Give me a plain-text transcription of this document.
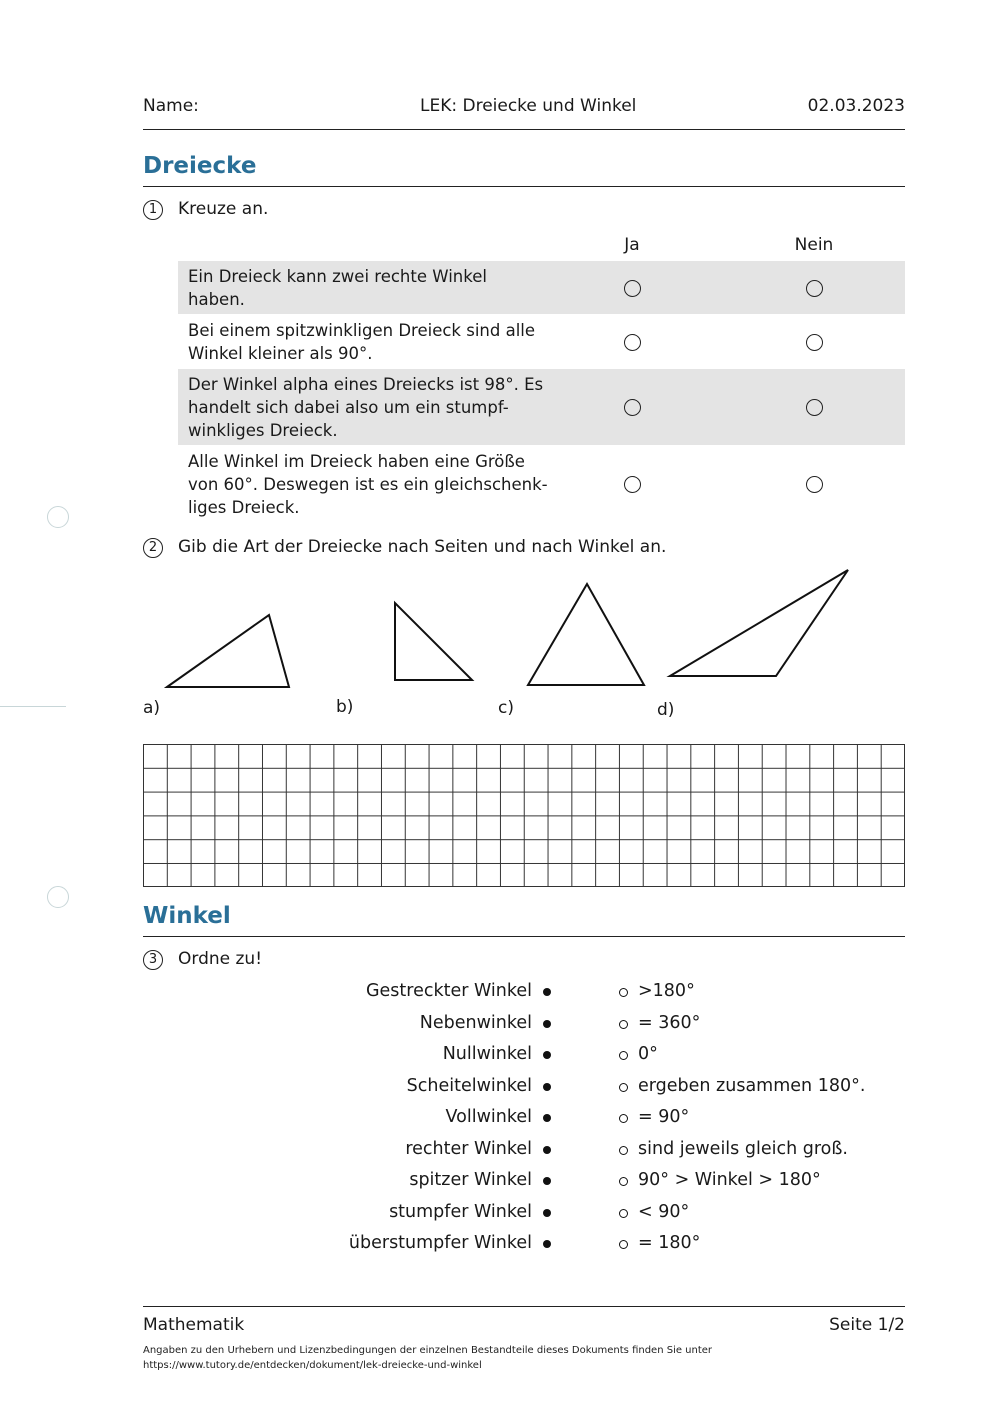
Name:	LEK: Dreiecke und Winkel	02.03.2023
Dreiecke
1	Kreuze an.
Ja	Nein
Ein Dreieck kann zwei rechte Winkel
haben.
Bei einem spitzwinkligen Dreieck sind alle
Winkel kleiner als 90°.
Der Winkel alpha eines Dreiecks ist 98°. Es
handelt sich dabei also um ein stumpf-
winkliges Dreieck.
Alle Winkel im Dreieck haben eine Größe
von 60°. Deswegen ist es ein gleichschenk-
liges Dreieck.
2	Gib die Art der Dreiecke nach Seiten und nach Winkel an.
a)	b)	c)	d)
Winkel
3	Ordne zu!
Gestreckter Winkel	>180°
Nebenwinkel	= 360°
Nullwinkel	0°
Scheitelwinkel	ergeben zusammen 180°.
Vollwinkel	= 90°
rechter Winkel	sind jeweils gleich groß.
spitzer Winkel	90° > Winkel > 180°
stumpfer Winkel	< 90°
überstumpfer Winkel	= 180°
Mathematik	Seite 1/2
Angaben zu den Urhebern und Lizenzbedingungen der einzelnen Bestandteile dieses Dokuments finden Sie unter
https://www.tutory.de/entdecken/dokument/lek-dreiecke-und-winkel
